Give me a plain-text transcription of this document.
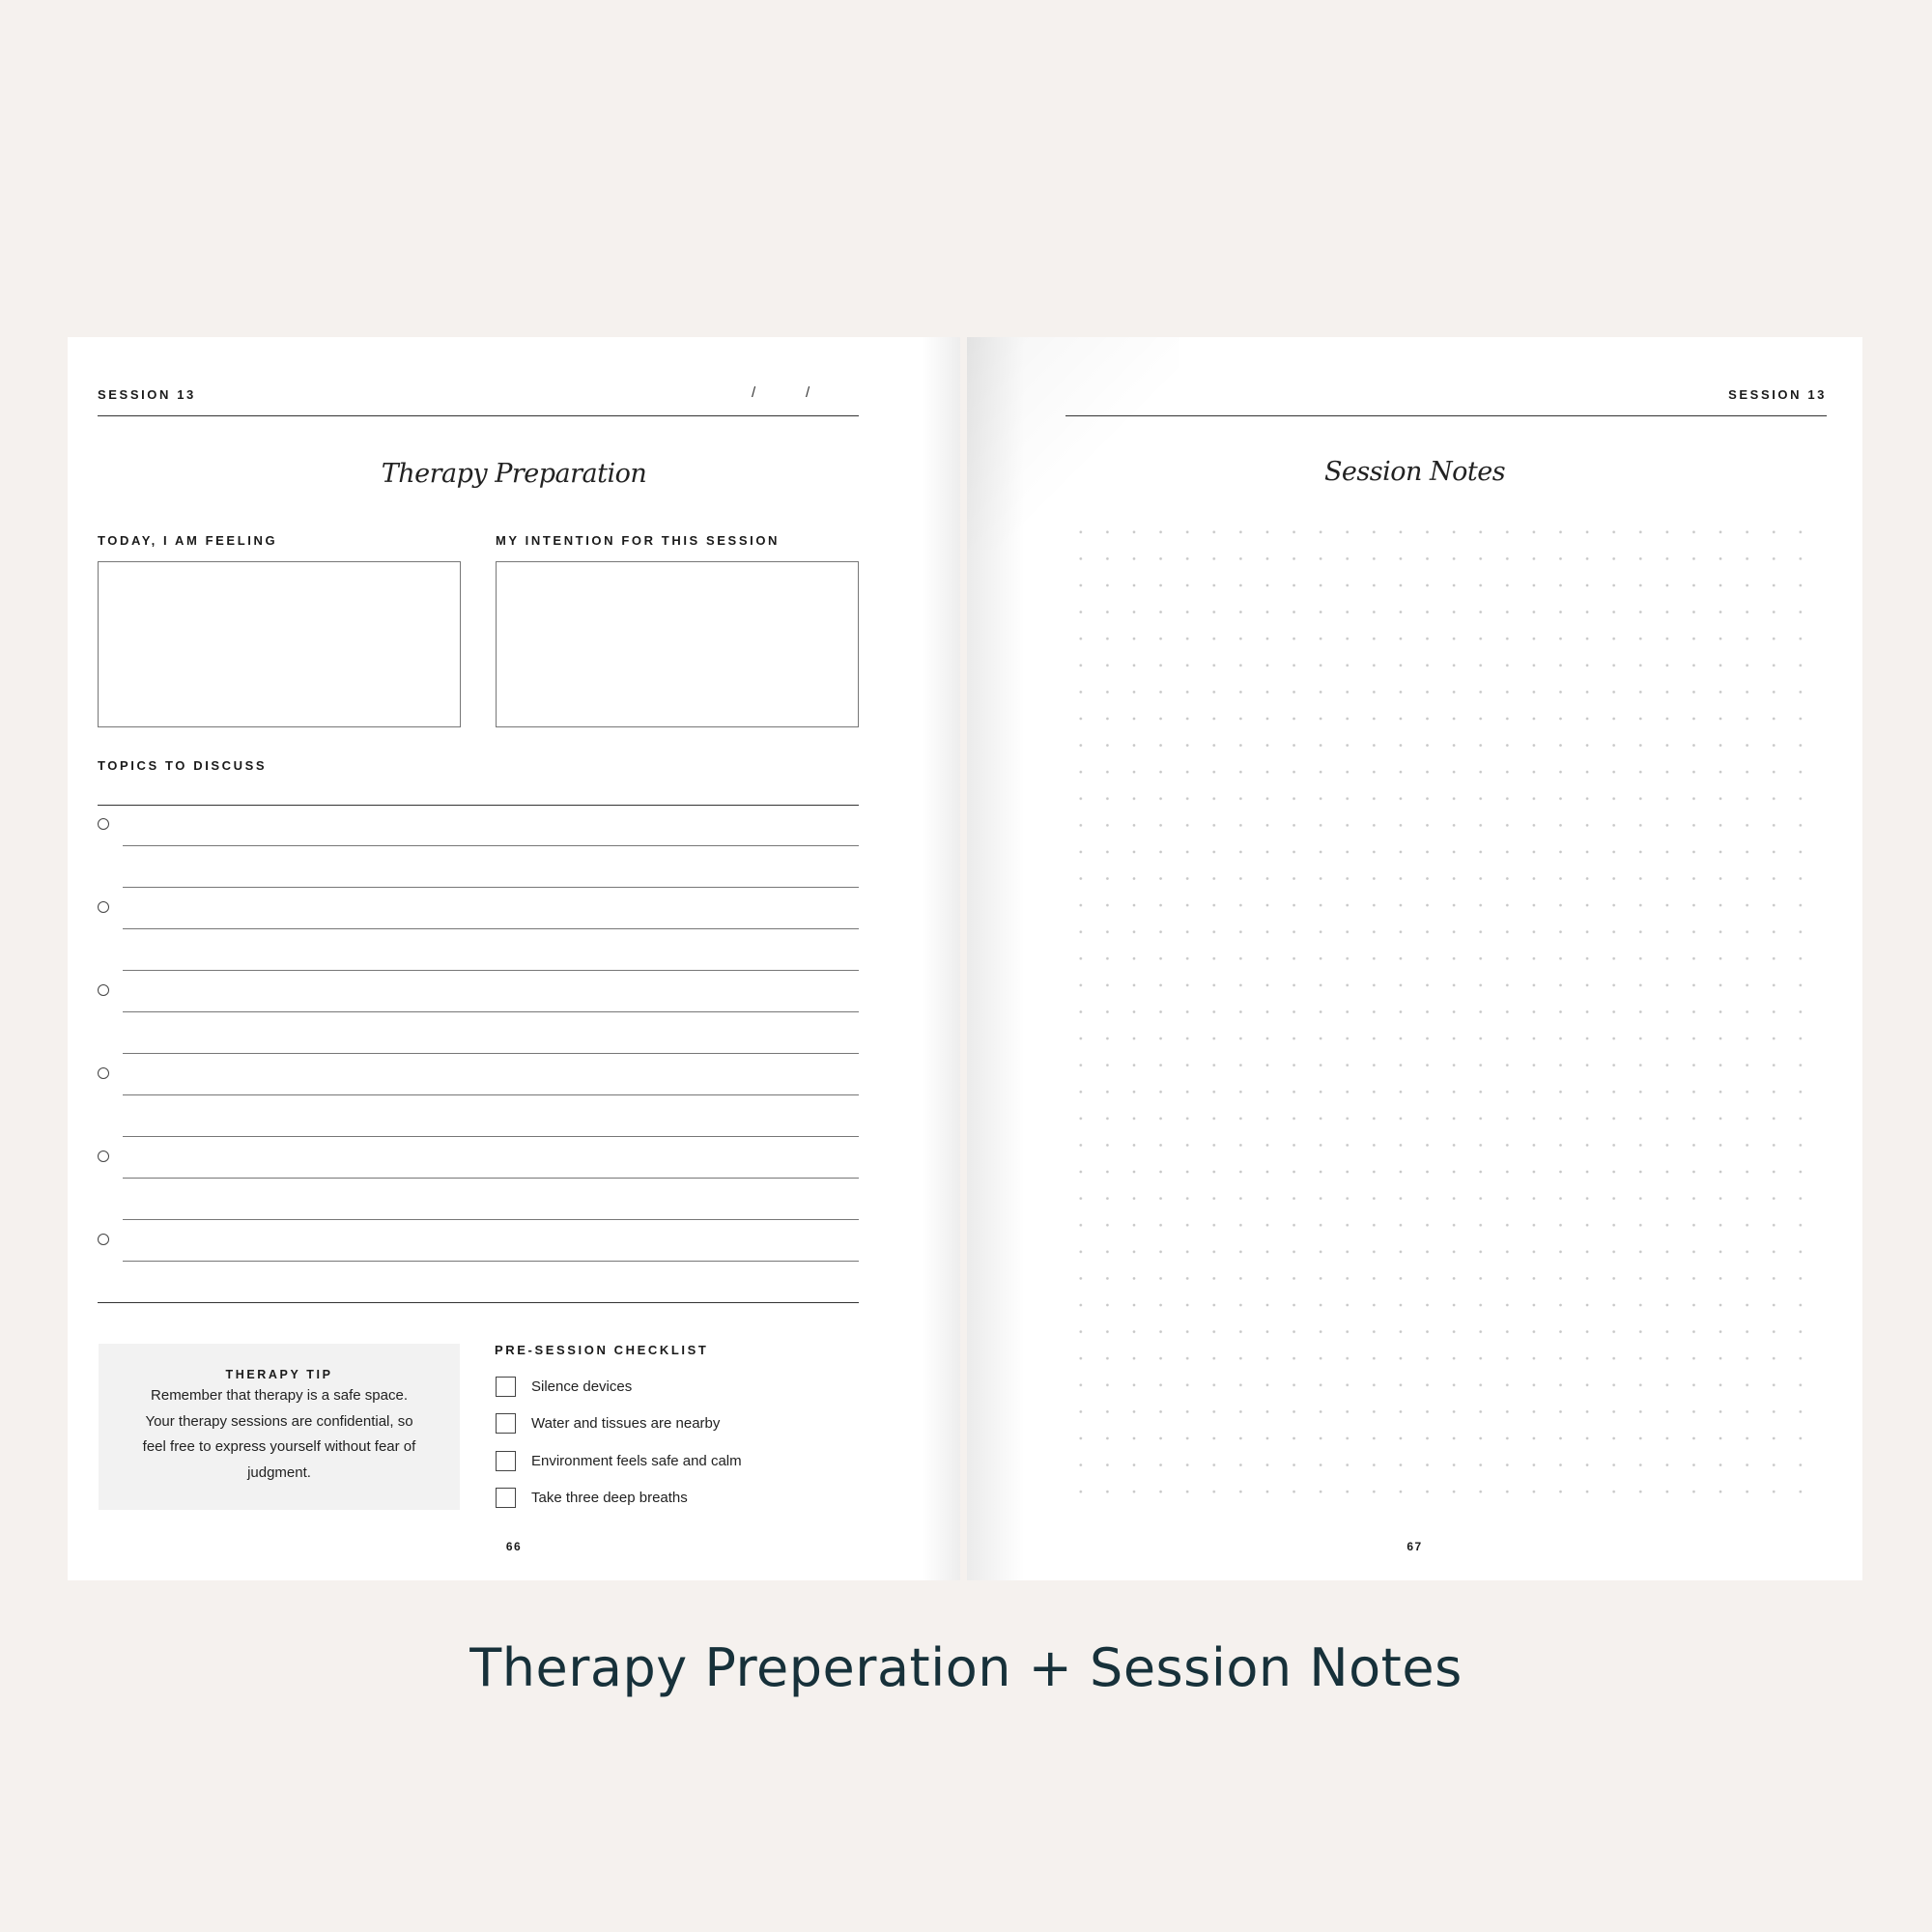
SESSION 13	/	/
Therapy Preparation
TODAY, I AM FEELING	MY INTENTION FOR THIS SESSION
TOPICS TO DISCUSS
THERAPY TIP
Remember that therapy is a safe space. Your therapy sessions are confidential, so feel free to express yourself without fear of judgment.
PRE-SESSION CHECKLIST
Silence devices
Water and tissues are nearby
Environment feels safe and calm
Take three deep breaths
66
SESSION 13
Session Notes
67
Therapy Preperation + Session Notes
